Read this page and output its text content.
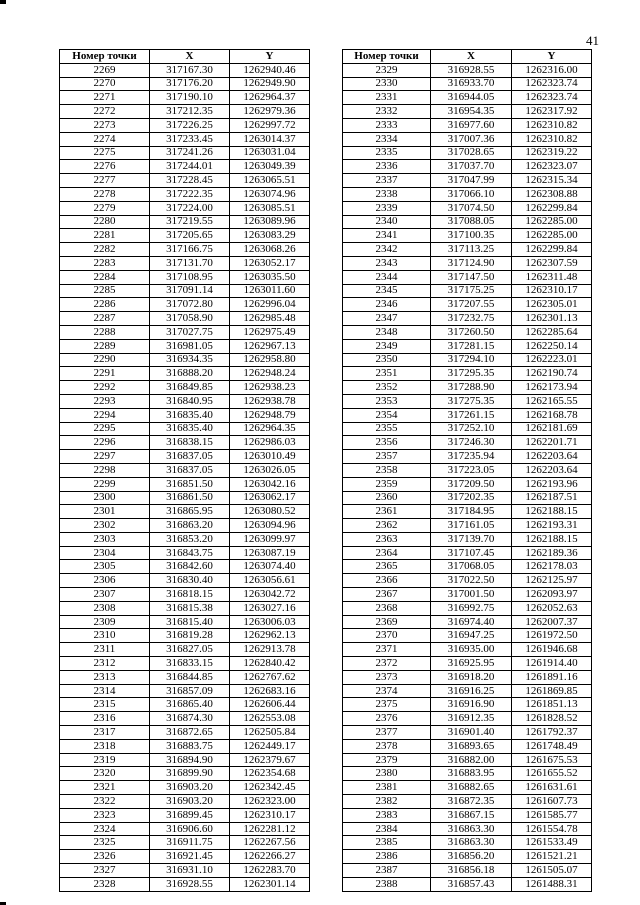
41
Номер точки	X	Y
2269	317167.30	1262940.46
2270	317176.20	1262949.90
2271	317190.10	1262964.37
2272	317212.35	1262979.36
2273	317226.25	1262997.72
2274	317233.45	1263014.37
2275	317241.26	1263031.04
2276	317244.01	1263049.39
2277	317228.45	1263065.51
2278	317222.35	1263074.96
2279	317224.00	1263085.51
2280	317219.55	1263089.96
2281	317205.65	1263083.29
2282	317166.75	1263068.26
2283	317131.70	1263052.17
2284	317108.95	1263035.50
2285	317091.14	1263011.60
2286	317072.80	1262996.04
2287	317058.90	1262985.48
2288	317027.75	1262975.49
2289	316981.05	1262967.13
2290	316934.35	1262958.80
2291	316888.20	1262948.24
2292	316849.85	1262938.23
2293	316840.95	1262938.78
2294	316835.40	1262948.79
2295	316835.40	1262964.35
2296	316838.15	1262986.03
2297	316837.05	1263010.49
2298	316837.05	1263026.05
2299	316851.50	1263042.16
2300	316861.50	1263062.17
2301	316865.95	1263080.52
2302	316863.20	1263094.96
2303	316853.20	1263099.97
2304	316843.75	1263087.19
2305	316842.60	1263074.40
2306	316830.40	1263056.61
2307	316818.15	1263042.72
2308	316815.38	1263027.16
2309	316815.40	1263006.03
2310	316819.28	1262962.13
2311	316827.05	1262913.78
2312	316833.15	1262840.42
2313	316844.85	1262767.62
2314	316857.09	1262683.16
2315	316865.40	1262606.44
2316	316874.30	1262553.08
2317	316872.65	1262505.84
2318	316883.75	1262449.17
2319	316894.90	1262379.67
2320	316899.90	1262354.68
2321	316903.20	1262342.45
2322	316903.20	1262323.00
2323	316899.45	1262310.17
2324	316906.60	1262281.12
2325	316911.75	1262267.56
2326	316921.45	1262266.27
2327	316931.10	1262283.70
2328	316928.55	1262301.14
Номер точки	X	Y
2329	316928.55	1262316.00
2330	316933.70	1262323.74
2331	316944.05	1262323.74
2332	316954.35	1262317.92
2333	316977.60	1262310.82
2334	317007.36	1262310.82
2335	317028.65	1262319.22
2336	317037.70	1262323.07
2337	317047.99	1262315.34
2338	317066.10	1262308.88
2339	317074.50	1262299.84
2340	317088.05	1262285.00
2341	317100.35	1262285.00
2342	317113.25	1262299.84
2343	317124.90	1262307.59
2344	317147.50	1262311.48
2345	317175.25	1262310.17
2346	317207.55	1262305.01
2347	317232.75	1262301.13
2348	317260.50	1262285.64
2349	317281.15	1262250.14
2350	317294.10	1262223.01
2351	317295.35	1262190.74
2352	317288.90	1262173.94
2353	317275.35	1262165.55
2354	317261.15	1262168.78
2355	317252.10	1262181.69
2356	317246.30	1262201.71
2357	317235.94	1262203.64
2358	317223.05	1262203.64
2359	317209.50	1262193.96
2360	317202.35	1262187.51
2361	317184.95	1262188.15
2362	317161.05	1262193.31
2363	317139.70	1262188.15
2364	317107.45	1262189.36
2365	317068.05	1262178.03
2366	317022.50	1262125.97
2367	317001.50	1262093.97
2368	316992.75	1262052.63
2369	316974.40	1262007.37
2370	316947.25	1261972.50
2371	316935.00	1261946.68
2372	316925.95	1261914.40
2373	316918.20	1261891.16
2374	316916.25	1261869.85
2375	316916.90	1261851.13
2376	316912.35	1261828.52
2377	316901.40	1261792.37
2378	316893.65	1261748.49
2379	316882.00	1261675.53
2380	316883.95	1261655.52
2381	316882.65	1261631.61
2382	316872.35	1261607.73
2383	316867.15	1261585.77
2384	316863.30	1261554.78
2385	316863.30	1261533.49
2386	316856.20	1261521.21
2387	316856.18	1261505.07
2388	316857.43	1261488.31
